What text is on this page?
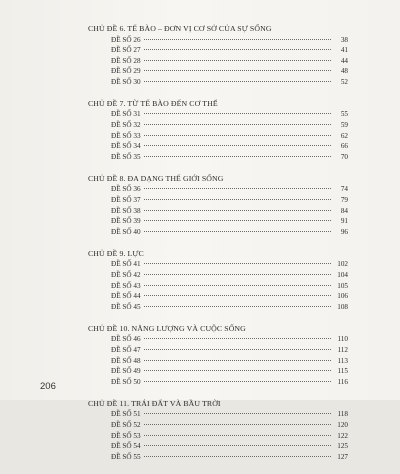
CHỦ ĐỀ 6. TẾ BÀO – ĐƠN VỊ CƠ SỞ CỦA SỰ SỐNG
ĐỀ SỐ 26	38
ĐỀ SỐ 27	41
ĐỀ SỐ 28	44
ĐỀ SỐ 29	48
ĐỀ SỐ 30	52
CHỦ ĐỀ 7. TỪ TẾ BÀO ĐẾN CƠ THỂ
ĐỀ SỐ 31	55
ĐỀ SỐ 32	59
ĐỀ SỐ 33	62
ĐỀ SỐ 34	66
ĐỀ SỐ 35	70
CHỦ ĐỀ 8. ĐA DẠNG THẾ GIỚI SỐNG
ĐỀ SỐ 36	74
ĐỀ SỐ 37	79
ĐỀ SỐ 38	84
ĐỀ SỐ 39	91
ĐỀ SỐ 40	96
CHỦ ĐỀ 9. LỰC
ĐỀ SỐ 41	102
ĐỀ SỐ 42	104
ĐỀ SỐ 43	105
ĐỀ SỐ 44	106
ĐỀ SỐ 45	108
CHỦ ĐỀ 10. NĂNG LƯỢNG VÀ CUỘC SỐNG
ĐỀ SỐ 46	110
ĐỀ SỐ 47	112
ĐỀ SỐ 48	113
ĐỀ SỐ 49	115
ĐỀ SỐ 50	116
CHỦ ĐỀ 11. TRÁI ĐẤT VÀ BẦU TRỜI
ĐỀ SỐ 51	118
ĐỀ SỐ 52	120
ĐỀ SỐ 53	122
ĐỀ SỐ 54	125
ĐỀ SỐ 55	127
206
